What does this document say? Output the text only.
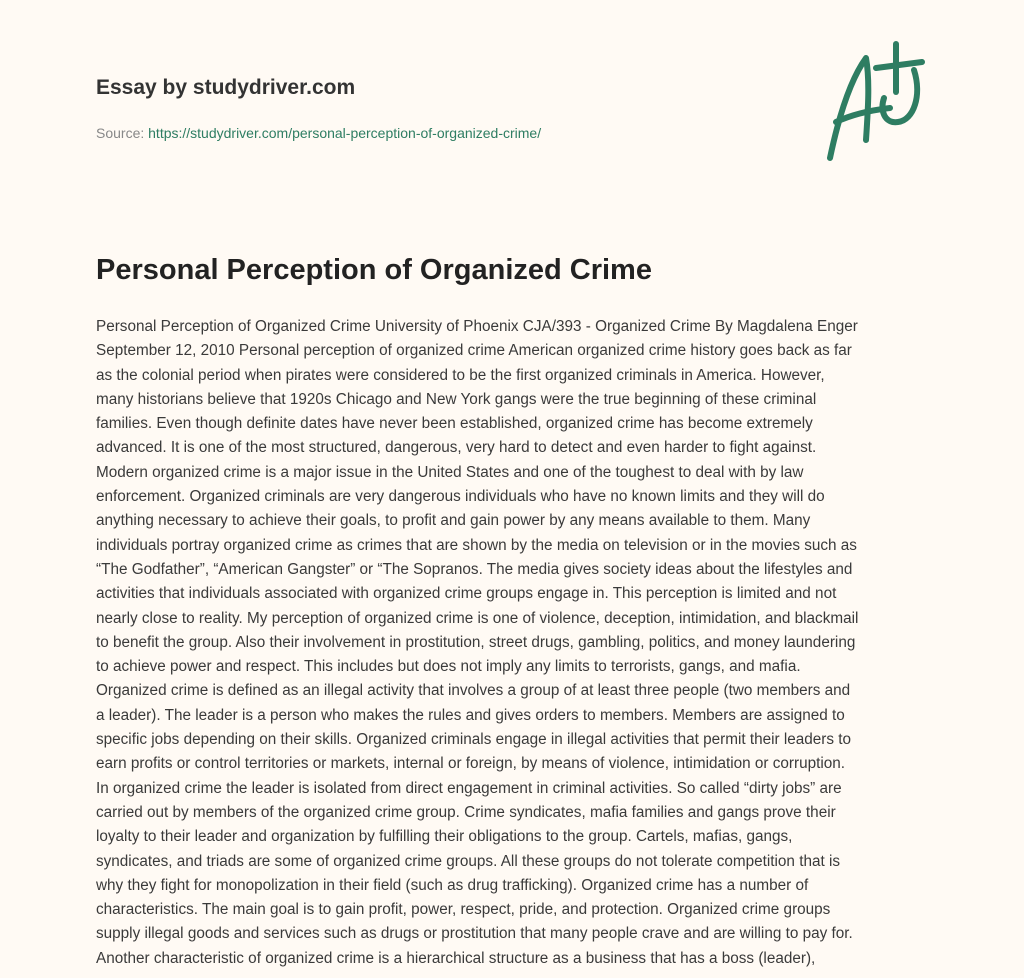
Essay by studydriver.com
Source: https://studydriver.com/personal-perception-of-organized-crime/
Personal Perception of Organized Crime
Personal Perception of Organized Crime University of Phoenix CJA/393 - Organized Crime By Magdalena Enger
September 12, 2010 Personal perception of organized crime American organized crime history goes back as far
as the colonial period when pirates were considered to be the first organized criminals in America. However,
many historians believe that 1920s Chicago and New York gangs were the true beginning of these criminal
families. Even though definite dates have never been established, organized crime has become extremely
advanced. It is one of the most structured, dangerous, very hard to detect and even harder to fight against.
Modern organized crime is a major issue in the United States and one of the toughest to deal with by law
enforcement. Organized criminals are very dangerous individuals who have no known limits and they will do
anything necessary to achieve their goals, to profit and gain power by any means available to them. Many
individuals portray organized crime as crimes that are shown by the media on television or in the movies such as
“The Godfather”, “American Gangster” or “The Sopranos. The media gives society ideas about the lifestyles and
activities that individuals associated with organized crime groups engage in. This perception is limited and not
nearly close to reality. My perception of organized crime is one of violence, deception, intimidation, and blackmail
to benefit the group. Also their involvement in prostitution, street drugs, gambling, politics, and money laundering
to achieve power and respect. This includes but does not imply any limits to terrorists, gangs, and mafia.
Organized crime is defined as an illegal activity that involves a group of at least three people (two members and
a leader). The leader is a person who makes the rules and gives orders to members. Members are assigned to
specific jobs depending on their skills. Organized criminals engage in illegal activities that permit their leaders to
earn profits or control territories or markets, internal or foreign, by means of violence, intimidation or corruption.
In organized crime the leader is isolated from direct engagement in criminal activities. So called “dirty jobs” are
carried out by members of the organized crime group. Crime syndicates, mafia families and gangs prove their
loyalty to their leader and organization by fulfilling their obligations to the group. Cartels, mafias, gangs,
syndicates, and triads are some of organized crime groups. All these groups do not tolerate competition that is
why they fight for monopolization in their field (such as drug trafficking). Organized crime has a number of
characteristics. The main goal is to gain profit, power, respect, pride, and protection. Organized crime groups
supply illegal goods and services such as drugs or prostitution that many people crave and are willing to pay for.
Another characteristic of organized crime is a hierarchical structure as a business that has a boss (leader),
